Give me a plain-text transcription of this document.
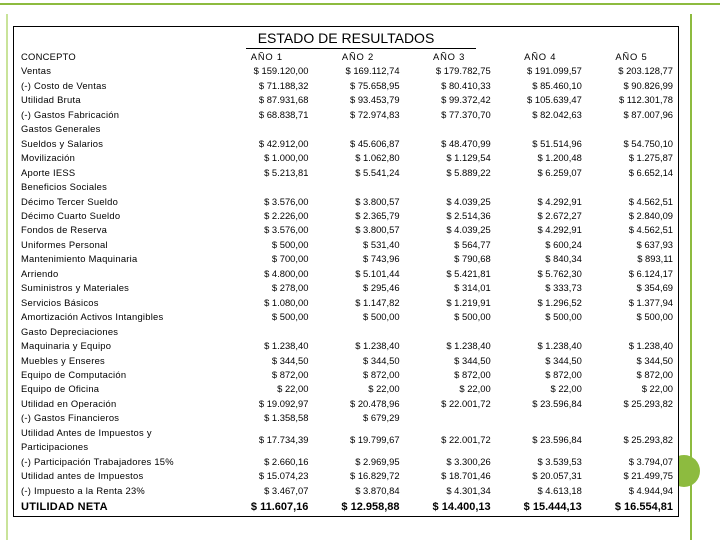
ESTADO DE RESULTADOS
CONCEPTO	AÑO 1	AÑO 2	AÑO 3	AÑO 4	AÑO 5
Ventas	$ 159.120,00	$ 169.112,74	$ 179.782,75	$ 191.099,57	$ 203.128,77
(-) Costo de Ventas	$ 71.188,32	$ 75.658,95	$ 80.410,33	$ 85.460,10	$ 90.826,99
Utilidad Bruta	$ 87.931,68	$ 93.453,79	$ 99.372,42	$ 105.639,47	$ 112.301,78
(-) Gastos Fabricación	$ 68.838,71	$ 72.974,83	$ 77.370,70	$ 82.042,63	$ 87.007,96
Gastos Generales					
Sueldos y Salarios	$ 42.912,00	$ 45.606,87	$ 48.470,99	$ 51.514,96	$ 54.750,10
Movilización	$ 1.000,00	$ 1.062,80	$ 1.129,54	$ 1.200,48	$ 1.275,87
Aporte IESS	$ 5.213,81	$ 5.541,24	$ 5.889,22	$ 6.259,07	$ 6.652,14
Beneficios Sociales					
Décimo Tercer Sueldo	$ 3.576,00	$ 3.800,57	$ 4.039,25	$ 4.292,91	$ 4.562,51
Décimo Cuarto Sueldo	$ 2.226,00	$ 2.365,79	$ 2.514,36	$ 2.672,27	$ 2.840,09
Fondos de Reserva	$ 3.576,00	$ 3.800,57	$ 4.039,25	$ 4.292,91	$ 4.562,51
Uniformes Personal	$ 500,00	$ 531,40	$ 564,77	$ 600,24	$ 637,93
Mantenimiento Maquinaria	$ 700,00	$ 743,96	$ 790,68	$ 840,34	$ 893,11
Arriendo	$ 4.800,00	$ 5.101,44	$ 5.421,81	$ 5.762,30	$ 6.124,17
Suministros y Materiales	$ 278,00	$ 295,46	$ 314,01	$ 333,73	$ 354,69
Servicios Básicos	$ 1.080,00	$ 1.147,82	$ 1.219,91	$ 1.296,52	$ 1.377,94
Amortización Activos Intangibles	$ 500,00	$ 500,00	$ 500,00	$ 500,00	$ 500,00
Gasto Depreciaciones					
Maquinaria y Equipo	$ 1.238,40	$ 1.238,40	$ 1.238,40	$ 1.238,40	$ 1.238,40
Muebles y Enseres	$ 344,50	$ 344,50	$ 344,50	$ 344,50	$ 344,50
Equipo de Computación	$ 872,00	$ 872,00	$ 872,00	$ 872,00	$ 872,00
Equipo de Oficina	$ 22,00	$ 22,00	$ 22,00	$ 22,00	$ 22,00
Utilidad en Operación	$ 19.092,97	$ 20.478,96	$ 22.001,72	$ 23.596,84	$ 25.293,82
(-) Gastos Financieros	$ 1.358,58	$ 679,29			
Utilidad Antes de Impuestos y Participaciones	$ 17.734,39	$ 19.799,67	$ 22.001,72	$ 23.596,84	$ 25.293,82
(-) Participación Trabajadores 15%	$ 2.660,16	$ 2.969,95	$ 3.300,26	$ 3.539,53	$ 3.794,07
Utilidad antes de Impuestos	$ 15.074,23	$ 16.829,72	$ 18.701,46	$ 20.057,31	$ 21.499,75
(-) Impuesto a la Renta 23%	$ 3.467,07	$ 3.870,84	$ 4.301,34	$ 4.613,18	$ 4.944,94
UTILIDAD NETA	$ 11.607,16	$ 12.958,88	$ 14.400,13	$ 15.444,13	$ 16.554,81
